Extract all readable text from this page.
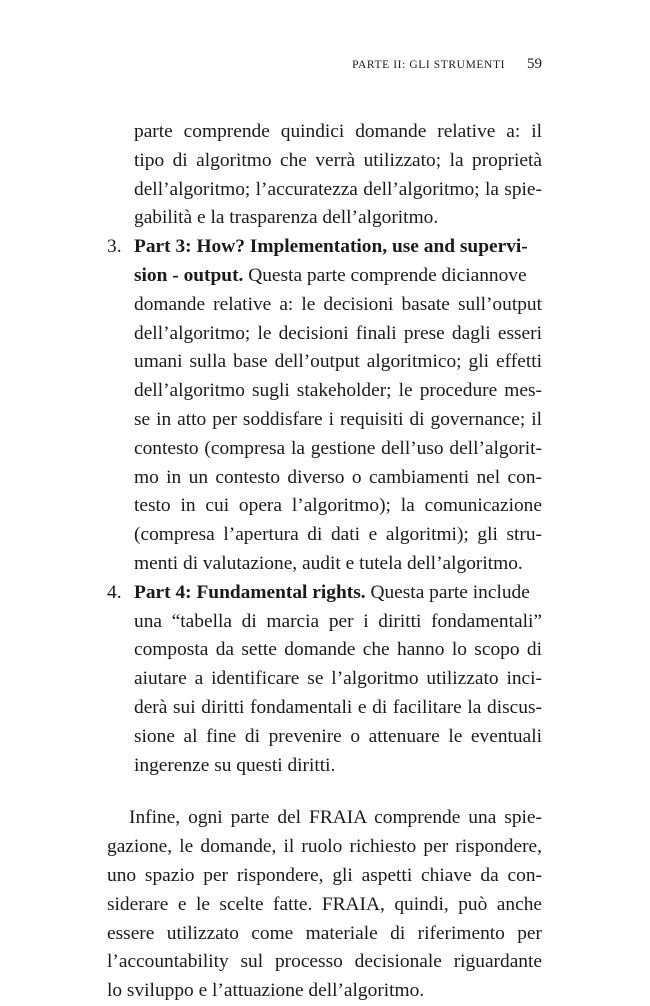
PARTE II: GLI STRUMENTI 59
parte comprende quindici domande relative a: il
tipo di algoritmo che verrà utilizzato; la proprietà
dell’algoritmo; l’accuratezza dell’algoritmo; la spie-
gabilità e la trasparenza dell’algoritmo.
3. Part 3: How? Implementation, use and supervi-
sion - output. Questa parte comprende diciannove
domande relative a: le decisioni basate sull’output
dell’algoritmo; le decisioni finali prese dagli esseri
umani sulla base dell’output algoritmico; gli effetti
dell’algoritmo sugli stakeholder; le procedure mes-
se in atto per soddisfare i requisiti di governance; il
contesto (compresa la gestione dell’uso dell’algorit-
mo in un contesto diverso o cambiamenti nel con-
testo in cui opera l’algoritmo); la comunicazione
(compresa l’apertura di dati e algoritmi); gli stru-
menti di valutazione, audit e tutela dell’algoritmo.
4. Part 4: Fundamental rights. Questa parte include
una “tabella di marcia per i diritti fondamentali”
composta da sette domande che hanno lo scopo di
aiutare a identificare se l’algoritmo utilizzato inci-
derà sui diritti fondamentali e di facilitare la discus-
sione al fine di prevenire o attenuare le eventuali
ingerenze su questi diritti.
Infine, ogni parte del FRAIA comprende una spie-
gazione, le domande, il ruolo richiesto per rispondere,
uno spazio per rispondere, gli aspetti chiave da con-
siderare e le scelte fatte. FRAIA, quindi, può anche
essere utilizzato come materiale di riferimento per
l’accountability sul processo decisionale riguardante
lo sviluppo e l’attuazione dell’algoritmo.
